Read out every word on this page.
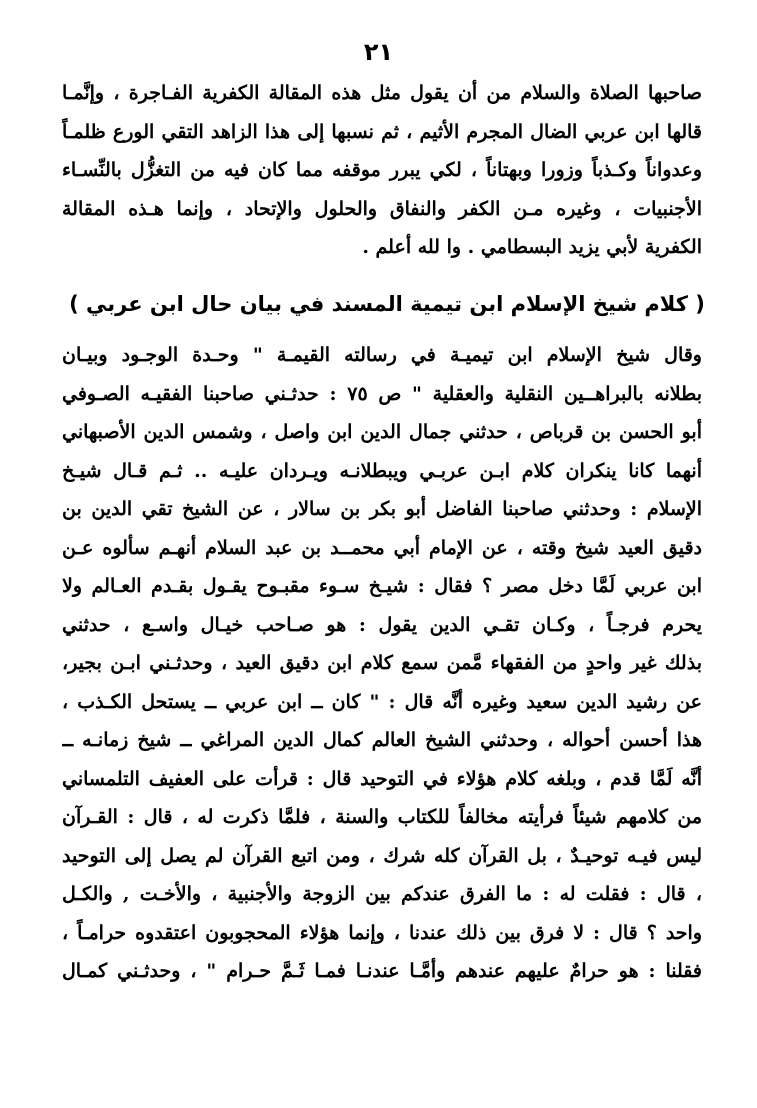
٢١
صاحبها الصلاة والسلام من أن يقول مثل هذه المقالة الكفرية الفـاجرة ، وإنَّمـا
قالها ابن عربي الضال المجرم الأثيم ، ثم نسبها إلى هذا الزاهد التقي الورع ظلمـاً
وعدواناً وكـذباً وزورا وبهتاناً ، لكي يبرر موقفه مما كان فيه من التغزُّل بالنِّسـاء
الأجنبيات ، وغيره مـن الكفر والنفاق والحلول والإتحاد ، وإنما هـذه المقالة
الكفرية لأبي يزيد البسطامي . وا لله أعلم .
( كلام شيخ الإسلام ابن تيمية المسند في بيان حال ابن عربي )
وقال شيخ الإسلام ابن تيميـة في رسالته القيمـة " وحـدة الوجـود وبيـان
بطلانه بالبراهــين النقلية والعقلية " ص ٧٥ : حدثـني صاحبنا الفقيـه الصـوفي
أبو الحسن بن قرباص ، حدثني جمال الدين ابن واصل ، وشمس الدين الأصبهاني
أنهما كانا ينكران كلام ابـن عربـي ويبطلانـه ويـردان عليـه .. ثـم قـال شيـخ
الإسلام : وحدثني صاحبنا الفاضل أبو بكر بن سالار ، عن الشيخ تقي الدين بن
دقيق العيد شيخ وقته ، عن الإمام أبي محمــد بن عبد السلام أنهـم سألوه عـن
ابن عربي لَمَّا دخل مصر ؟ فقال : شيـخ سـوء مقبـوح يقـول بقـدم العـالم ولا
يحرم فرجـاً ، وكـان تقـي الدين يقول : هو صـاحب خيـال واسـع ، حدثني
بذلك غير واحدٍ من الفقهاء مَّمن سمع كلام ابن دقيق العيد ، وحدثـني ابـن بجير،
عن رشيد الدين سعيد وغيره أنَّه قال : " كان ــ ابن عربي ــ يستحل الكـذب ،
هذا أحسن أحواله ، وحدثني الشيخ العالم كمال الدين المراغي ــ شيخ زمانـه ــ
أنَّه لَمَّا قدم ، وبلغه كلام هؤلاء في التوحيد قال : قرأت على العفيف التلمساني
من كلامهم شيئاً فرأيته مخالفاً للكتاب والسنة ، فلمَّا ذكرت له ، قال : القـرآن
ليس فيـه توحيـدٌ ، بل القرآن كله شرك ، ومن اتبع القرآن لم يصل إلى التوحيد
، قال : فقلت له : ما الفرق عندكم بين الزوجة والأجنبية ، والأخـت , والكـل
واحد ؟ قال : لا فرق بين ذلك عندنا ، وإنما هؤلاء المحجوبون اعتقدوه حرامـاً ،
فقلنا : هو حرامٌ عليهم عندهم وأمَّـا عندنـا فمـا ثَـمَّ حـرام " ، وحدثـني كمـال
